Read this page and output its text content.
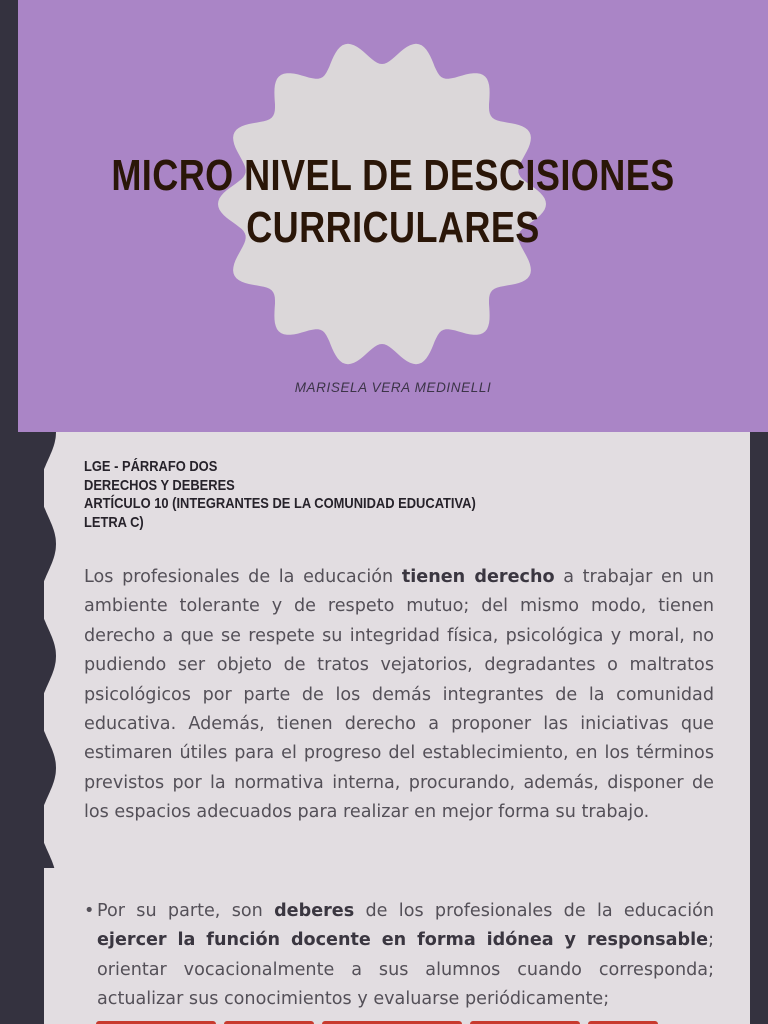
MICRO NIVEL DE DESCISIONES CURRICULARES
MARISELA VERA MEDINELLI
LGE - PÁRRAFO DOS
DERECHOS Y DEBERES
ARTÍCULO 10 (INTEGRANTES DE LA COMUNIDAD EDUCATIVA)
LETRA C)

Los profesionales de la educación tienen derecho a trabajar en un ambiente tolerante y de respeto mutuo; del mismo modo, tienen derecho a que se respete su integridad física, psicológica y moral, no pudiendo ser objeto de tratos vejatorios, degradantes o maltratos psicológicos por parte de los demás integrantes de la comunidad educativa. Además, tienen derecho a proponer las iniciativas que estimaren útiles para el progreso del establecimiento, en los términos previstos por la normativa interna, procurando, además, disponer de los espacios adecuados para realizar en mejor forma su trabajo.

• Por su parte, son deberes de los profesionales de la educación ejercer la función docente en forma idónea y responsable; orientar vocacionalmente a sus alumnos cuando corresponda; actualizar sus conocimientos y evaluarse periódicamente;
